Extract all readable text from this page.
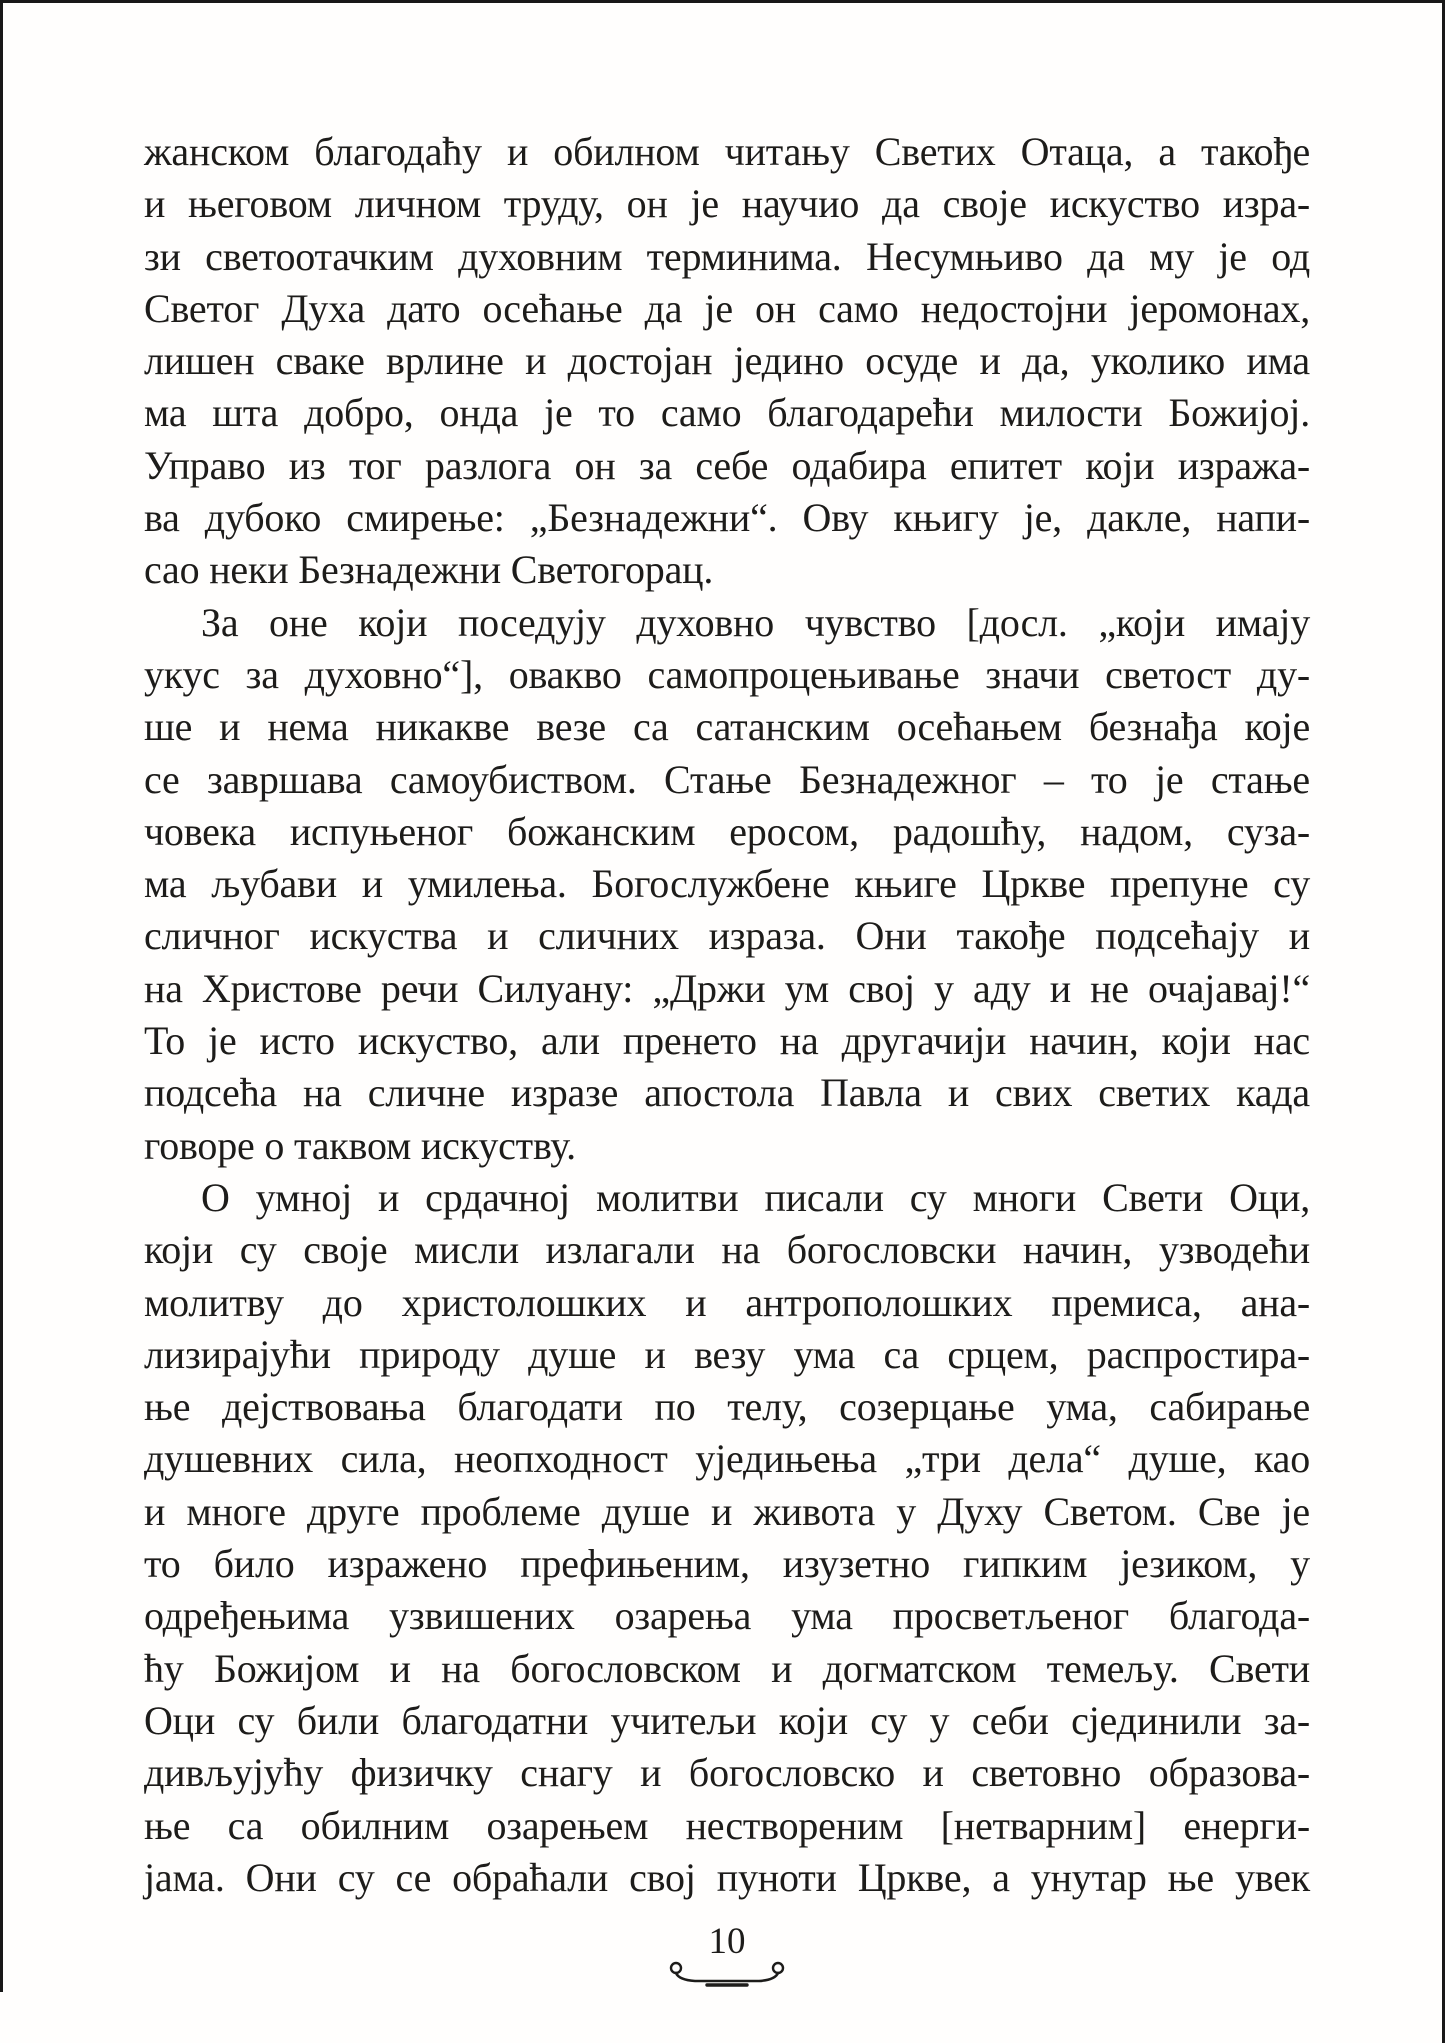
жанском благодаћу и обилном читању Светих Отаца, а такође
и његовом личном труду, он је научио да своје искуство изра-
зи светоотачким духовним терминима. Несумњиво да му је од
Светог Духа дато осећање да је он само недостојни јеромонах,
лишен сваке врлине и достојан једино осуде и да, уколико има
ма шта добро, онда је то само благодарећи милости Божијој.
Управо из тог разлога он за себе одабира епитет који изража-
ва дубоко смирење: „Безнадежни“. Ову књигу је, дакле, напи-
сао неки Безнадежни Светогорац.
За оне који поседују духовно чувство [досл. „који имају
укус за духовно“], овакво самопроцењивање значи светост ду-
ше и нема никакве везе са сатанским осећањем безнађа које
се завршава самоубиством. Стање Безнадежног – то је стање
човека испуњеног божанским еросом, радошћу, надом, суза-
ма љубави и умилења. Богослужбене књиге Цркве препуне су
сличног искуства и сличних израза. Они такође подсећају и
на Христове речи Силуану: „Држи ум свој у аду и не очајавај!“
То је исто искуство, али пренето на другачији начин, који нас
подсећа на сличне изразе апостола Павла и свих светих када
говоре о таквом искуству.
О умној и срдачној молитви писали су многи Свети Оци,
који су своје мисли излагали на богословски начин, узводећи
молитву до христолошких и антрополошких премиса, ана-
лизирајући природу душе и везу ума са срцем, распростира-
ње дејствовања благодати по телу, созерцање ума, сабирање
душевних сила, неопходност уједињења „три дела“ душе, као
и многе друге проблеме душе и живота у Духу Светом. Све је
то било изражено префињеним, изузетно гипким језиком, у
одређењима узвишених озарења ума просветљеног благода-
ћу Божијом и на богословском и догматском темељу. Свети
Оци су били благодатни учитељи који су у себи сјединили за-
дивљујућу физичку снагу и богословско и световно образова-
ње са обилним озарењем нествореним [нетварним] енерги-
јама. Они су се обраћали свој пуноти Цркве, а унутар ње увек
10
